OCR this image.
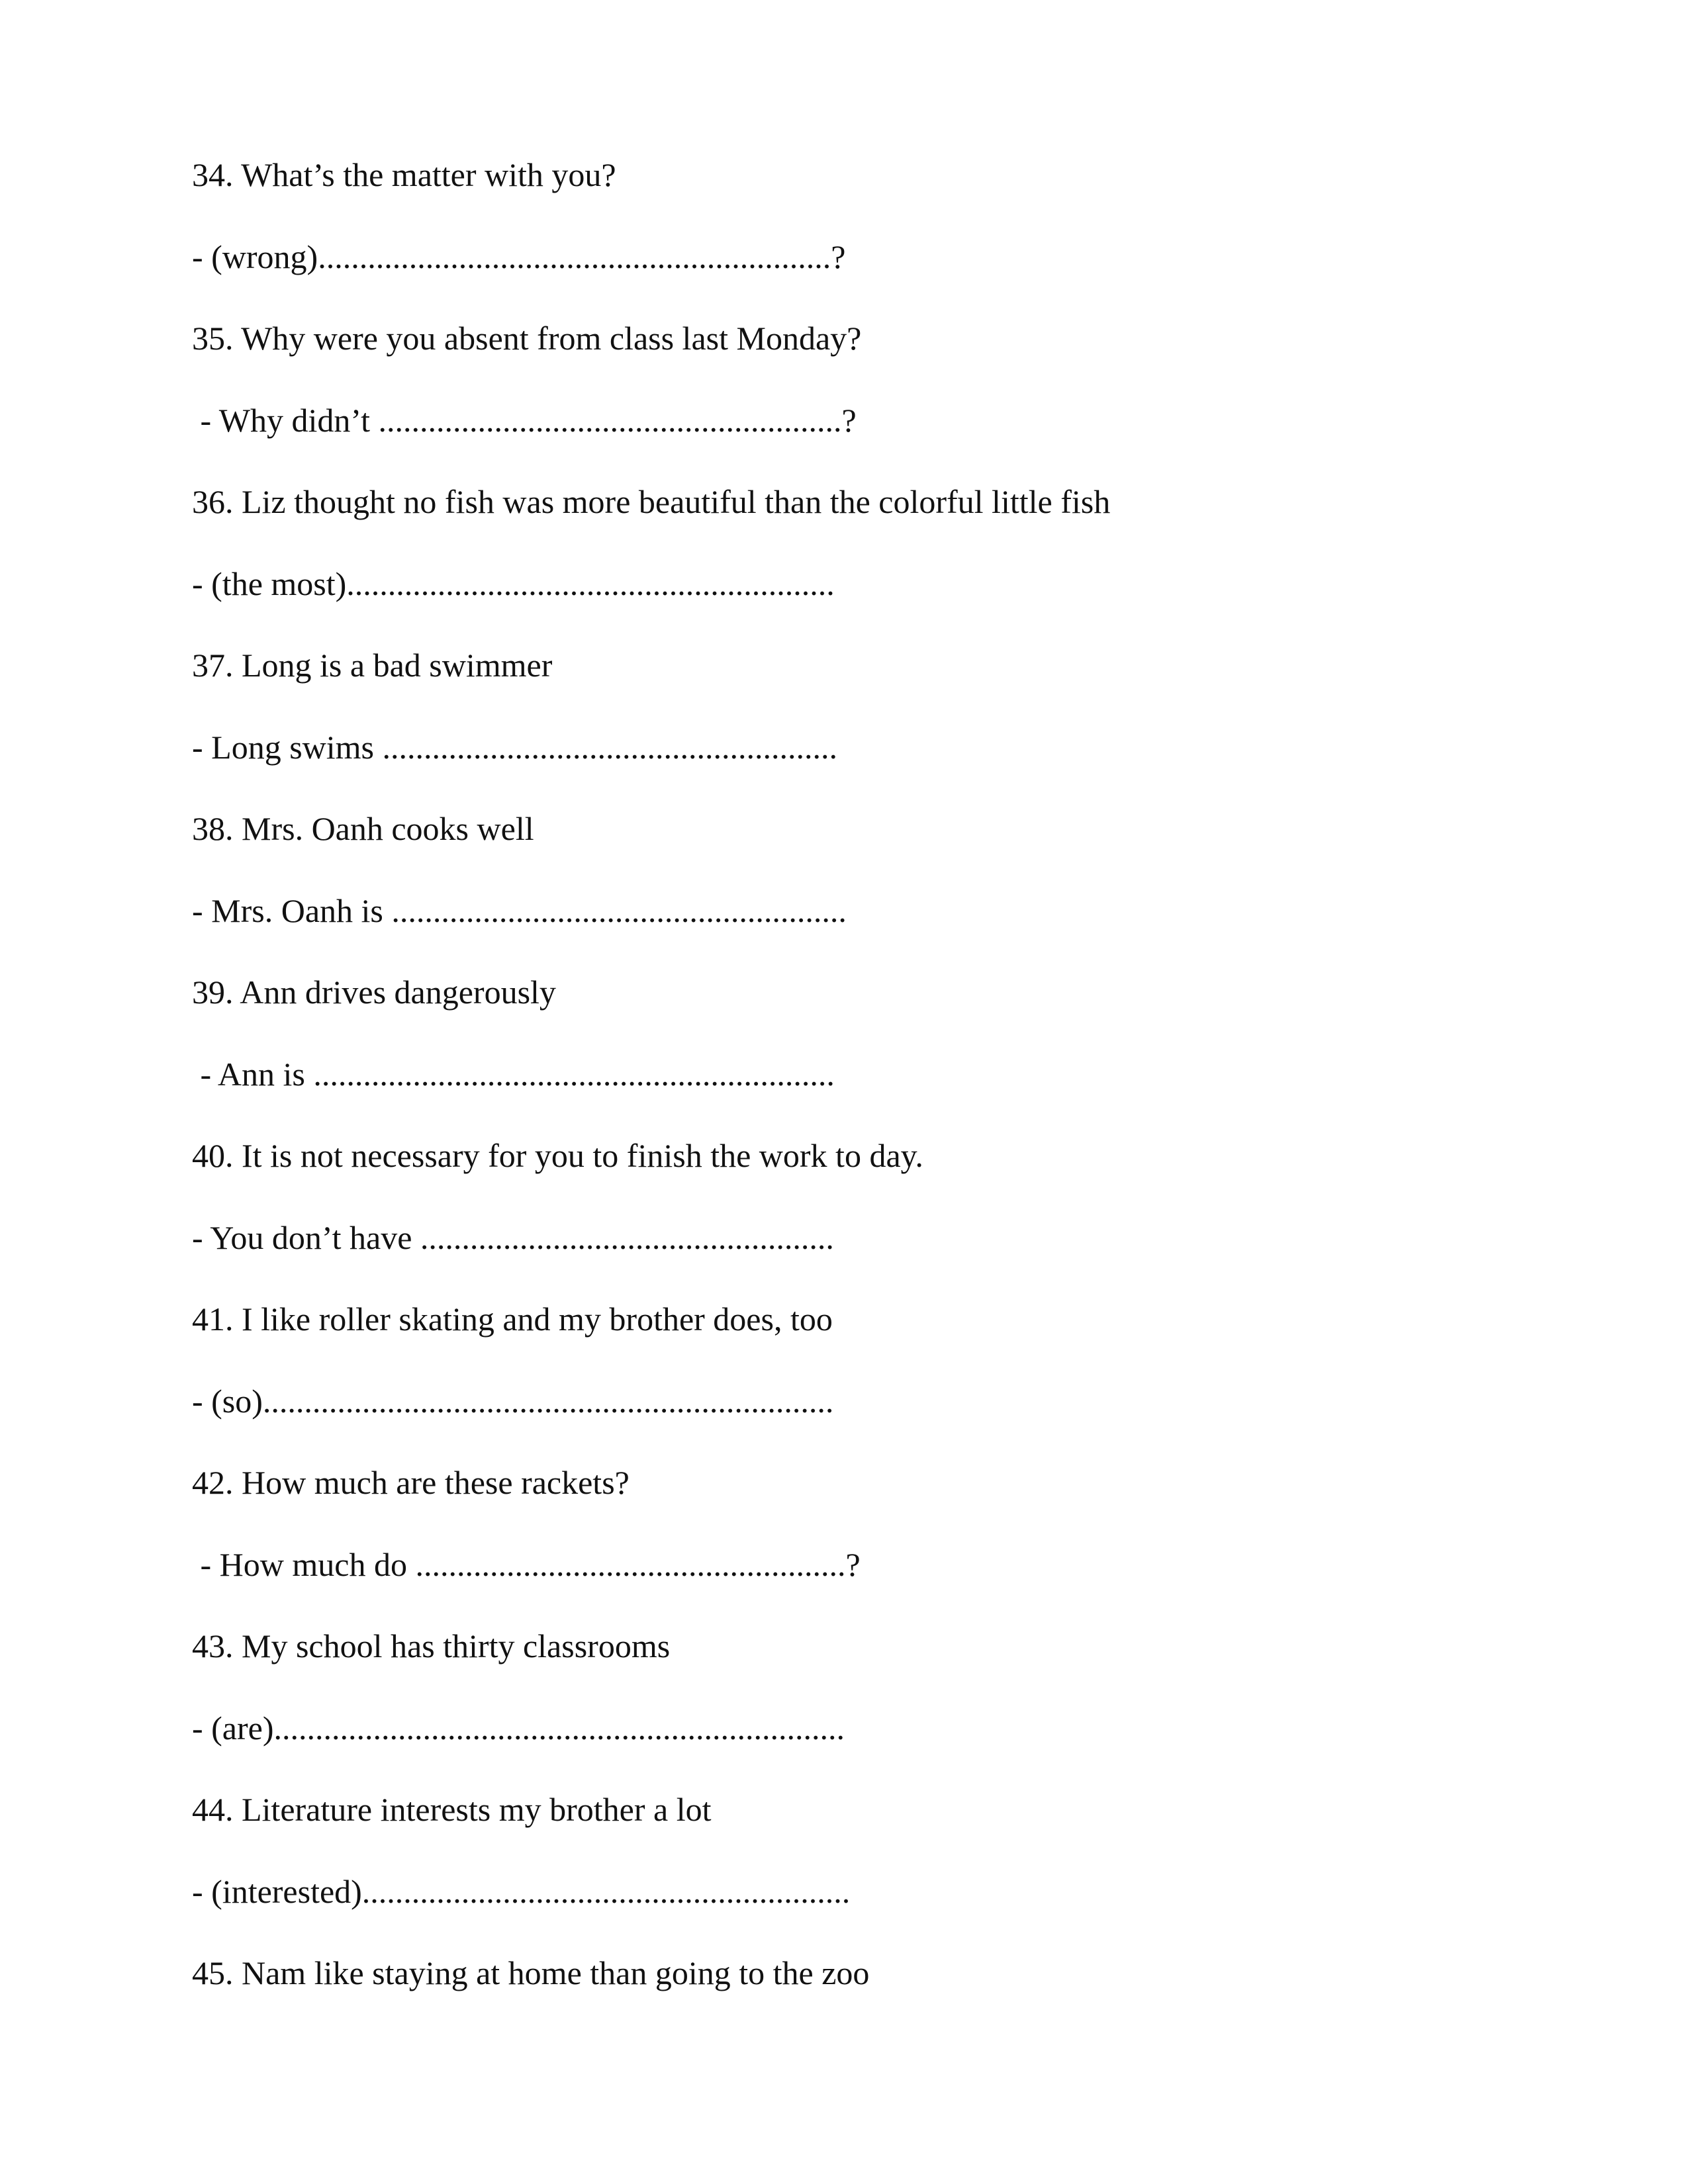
34. What’s the matter with you?
- (wrong)..............................................................?
35. Why were you absent from class last Monday?
- Why didn’t ........................................................?
36. Liz thought no fish was more beautiful than the colorful little fish
- (the most)...........................................................
37. Long is a bad swimmer
- Long swims .......................................................
38. Mrs. Oanh cooks well
- Mrs. Oanh is .......................................................
39. Ann drives dangerously
- Ann is ...............................................................
40. It is not necessary for you to finish the work to day.
- You don’t have ..................................................
41. I like roller skating and my brother does, too
- (so).....................................................................
42. How much are these rackets?
- How much do ....................................................?
43. My school has thirty classrooms
- (are).....................................................................
44. Literature interests my brother a lot
- (interested)...........................................................
45. Nam like staying at home than going to the zoo
